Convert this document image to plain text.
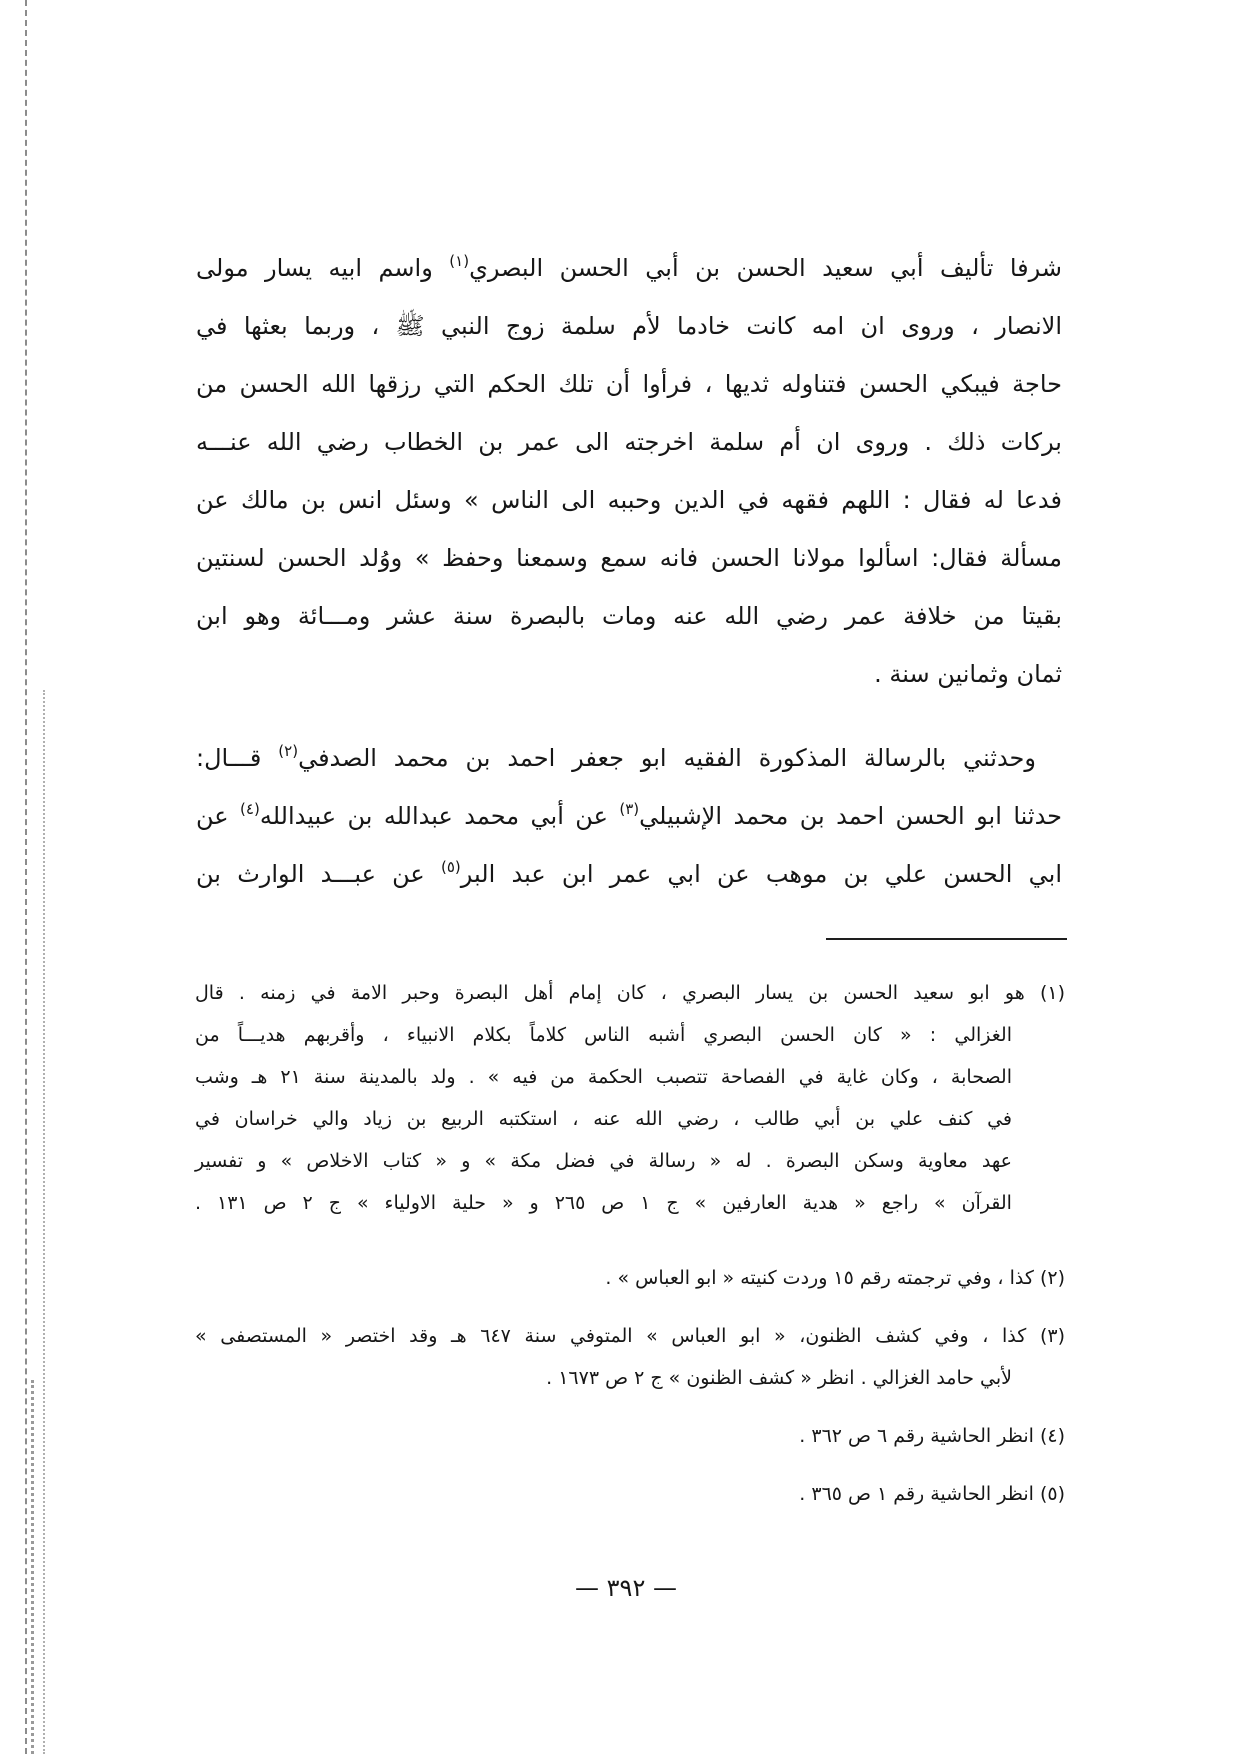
شرفا تأليف أبي سعيد الحسن بن أبي الحسن البصري$^{(١)}$ واسم ابيه يسار مولى
الانصار ، وروى ان امه كانت خادما لأم سلمة زوج النبي ﷺ ، وربما بعثها في
حاجة فيبكي الحسن فتناوله ثديها ، فرأوا أن تلك الحكم التي رزقها الله الحسن من
بركات ذلك . وروى ان أم سلمة اخرجته الى عمر بن الخطاب رضي الله عنـــه
فدعا له فقال : اللهم فقهه في الدين وحببه الى الناس » وسئل انس بن مالك عن
مسألة فقال: اسألوا مولانا الحسن فانه سمع وسمعنا وحفظ » ووُلد الحسن لسنتين
بقيتا من خلافة عمر رضي الله عنه ومات بالبصرة سنة عشر ومـــائة وهو ابن
ثمان وثمانين سنة .
وحدثني بالرسالة المذكورة الفقيه ابو جعفر احمد بن محمد الصدفي$^{(٢)}$ قـــال:
حدثنا ابو الحسن احمد بن محمد الإشبيلي$^{(٣)}$ عن أبي محمد عبدالله بن عبيدالله$^{(٤)}$ عن
ابي الحسن علي بن موهب عن ابي عمر ابن عبد البر$^{(٥)}$ عن عبـــد الوارث بن
(١) هو ابو سعيد الحسن بن يسار البصري ، كان إمام أهل البصرة وحبر الامة في زمنه . قال
الغزالي : « كان الحسن البصري أشبه الناس كلاماً بكلام الانبياء ، وأقربهم هديـــاً من
الصحابة ، وكان غاية في الفصاحة تتصبب الحكمة من فيه » . ولد بالمدينة سنة ٢١ هـ وشب
في كنف علي بن أبي طالب ، رضي الله عنه ، استكتبه الربيع بن زياد والي خراسان في
عهد معاوية وسكن البصرة . له « رسالة في فضل مكة » و « كتاب الاخلاص » و تفسير
القرآن » راجع « هدية العارفين » ج ١ ص ٢٦٥ و « حلية الاولياء » ج ٢ ص ١٣١ .
(٢) كذا ، وفي ترجمته رقم ١٥ وردت كنيته « ابو العباس » .
(٣) كذا ، وفي كشف الظنون، « ابو العباس » المتوفي سنة ٦٤٧ هـ وقد اختصر « المستصفى »
لأبي حامد الغزالي . انظر « كشف الظنون » ج ٢ ص ١٦٧٣ .
(٤) انظر الحاشية رقم ٦ ص ٣٦٢ .
(٥) انظر الحاشية رقم ١ ص ٣٦٥ .
— ٣٩٢ —
